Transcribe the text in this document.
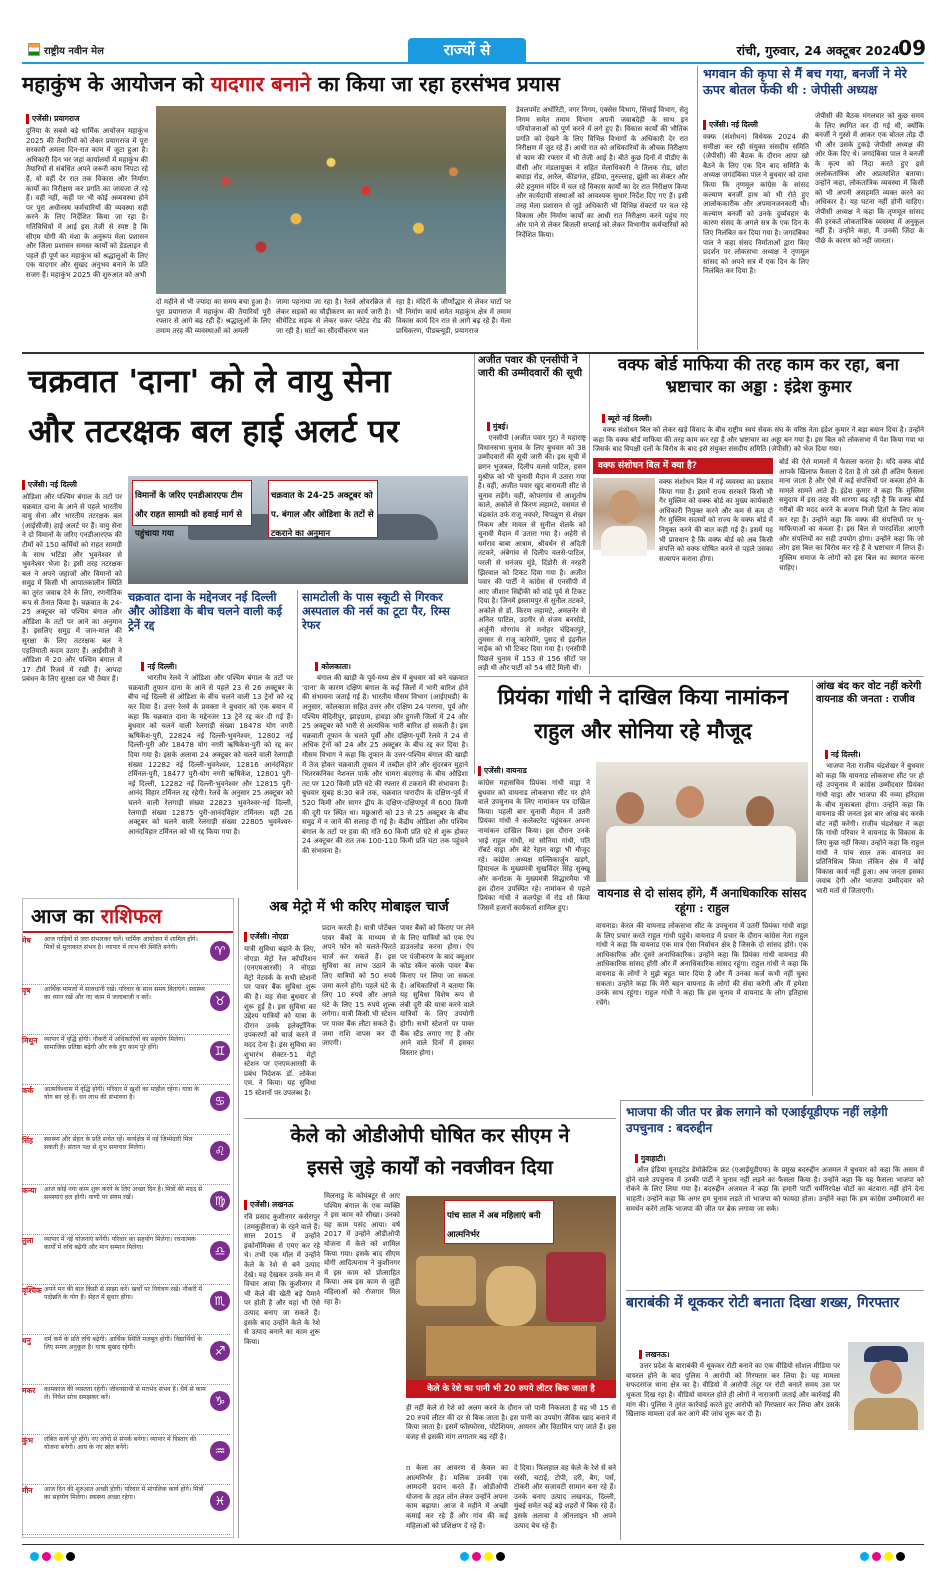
राष्ट्रीय नवीन मेल	राज्यों से	रांची, गुरुवार, 24 अक्टूबर 2024
09
महाकुंभ के आयोजन को यादगार बनाने का किया जा रहा हरसंभव प्रयास
एजेंसी। प्रयागराज
दुनिया के सबसे बड़े धार्मिक आयोजन महाकुंभ 2025 की तैयारियों को लेकर प्रयागराज में पूरा सरकारी अमला दिन-रात काम में जुटा हुआ है। अधिकारी दिन भर जहां कार्यालयों में महाकुंभ की तैयारियों से संबंधित अपने जरूरी काम निपटा रहे हैं, वो वहीं देर रात तक विकास और निर्माण कार्यों का निरीक्षण कर प्रगति का जायजा ले रहे हैं। वहीं नहीं, कहीं पर भी कोई अव्यवस्था होने पर पूरा अधीनस्थ कर्मचारियों की व्यवस्था सही करने के लिए निर्देशित किया जा रहा है। गतिविधियों में आई इस तेजी से स्पष्ट है कि सीएम योगी की मंशा के अनुरूप मेला प्रशासन और जिला प्रशासन समस्त कार्यों को डेडलाइन से पहले ही पूर्ण कर महाकुंभ को श्रद्धालुओं के लिए एक यादगार और सुखद अनुभव बनाने के प्रति सजग हैं। महाकुंभ 2025 की शुरुआत को अभी
दो महीने से भी ज्यादा का समय बचा हुआ है। पूरा प्रयागराज में महाकुंभ की तैयारियों पूरी रफ्तार से आगे बढ़ रही हैं। श्रद्धालुओं के लिए तमाम तरह की व्यवस्थाओं को अमली
जामा पहनाया जा रहा है। रेलवे ओवरब्रिज से लेकर सड़कों का चौड़ीकरण का कार्य जारी है। सीमेंटिड सड़क से लेकर चकर प्लेटेड रोड की जा रही है। घाटों का सौंदर्यीकरण चल
रहा है। मंदिरों के जीर्णोद्धार से लेकर घाटों पर भी निर्माण कार्य समेत महाकुंभ क्षेत्र में तमाम विकास कार्य दिन रात से आगे बढ़ रहे हैं। मेला प्राधिकरण, पीडब्ल्यूडी, प्रयागराज
डेवलपमेंट अथॉरिटी, नगर निगम, एक्सेस विभाग, सिंचाई विभाग, सेतु निगम समेत तमाम विभाग अपनी जवाबदेही के साथ इन परियोजनाओं को पूर्ण करने में लगे हुए हैं। विकास कार्यों की भौतिक प्रगति को देखने के लिए विभिन्न विभागों के अधिकारी देर रात निरीक्षण में जुट रहे हैं। आधी रात को अधिकारियों के औचक निरीक्षण से काम की रफ्तार में भी तेजी आई है। बीते कुछ दिनों में पीडीए के वीसी और मंडलायुक्त ने सहित मेलाधिकारी ने तिलक रोड, छोटा बघाड़ा रोड, आरेल, कीडगंज, हंडिया, नुरुल्लाह, झूंसी का सेक्टर और लेटे हनुमान मंदिर में चल रहे विकास कार्यों का देर रात निरीक्षण किया और कार्यदायी संस्थाओं को आवश्यक सुधार निर्देश दिए गए हैं। इसी तरह मेला प्रशासन से जुड़े अधिकारी भी विभिन्न सेक्टरों पर चल रहे विकास और निर्माण कार्यों का आधी रात निरीक्षण करने पहुंच गए और पाने से लेकर बिजली सप्लाई को लेकर विभागीय कर्मचारियों को निर्देशित किया।
भगवान की कृपा से मैं बच गया, बनर्जी ने मेरे ऊपर बोतल फेंकी थी : जेपीसी अध्यक्ष
एजेंसी। नई दिल्ली
वक्फ (संशोधन) विधेयक 2024 की समीक्षा कर रही संयुक्त संसदीय समिति (जेपीसी) की बैठक के दौरान आपा खो बैठने के लिए एक दिन बाद समिति के अध्यक्ष जगदंबिका पाल ने बुधवार को दावा किया कि तृणमूल कांग्रेस के सांसद कल्याण बनर्जी हाथ को भी रोते हुए आलोककारीक और अपमानजनकारी थी। कल्याण बनर्जी को उनके दुर्व्यवहार के कारण संसद के अगले सत्र के एक दिन के लिए निलंबित कर दिया गया है। जगदंबिका पाल ने कहा संसद निर्माताओं द्वारा किए प्रदर्शन पर लोकसभा अध्यक्ष ने तृणमूल सांसद को अपने सत्र में एक दिन के लिए निलंबित कर दिया है।
जेपीसी की बैठक मंगलवार को कुछ समय के लिए स्थगित कर दी गई थी, क्योंकि बनर्जी ने गुस्से में आकर एक बोतल तोड़ दी थी और उसके टुकड़े जेपीसी अध्यक्ष की ओर फेंक दिए थे। जगदंबिका पाल ने बनर्जी के कृत्य को निंदा करते हुए इसे अलोकतांत्रिक और अप्रत्याशित बताया। उन्होंने कहा, लोकतांत्रिक व्यवस्था में किसी को भी अपनी असहमति व्यक्त करने का अधिकार है। यह घटना नहीं होनी चाहिए। जेपीसी अध्यक्ष ने कहा कि तृणमूल सांसद की हरकतें लोकतांत्रिक व्यवस्था में अनुकूल नहीं हैं। उन्होंने कहा, मैं उनकी जिंदा के पीछे के कारण को नहीं जानता।
चक्रवात 'दाना' को ले वायु सेना
और तटरक्षक बल हाई अलर्ट पर
एजेंसी। नई दिल्ली
ओडिशा और पश्चिम बंगाल के तटों पर चक्रवात दाना के आने से पहले भारतीय वायु सेना और भारतीय तटरक्षक बल (आईसीजी) हाई अलर्ट पर हैं। वायु सेना ने दो विमानों के जरिए एनडीआरएफ की टीमों को 150 कर्मियों को राहत सामग्री के साथ भटिंडा और भुवनेश्वर से भुवनेश्वर भेजा है। इसी तरह तटरक्षक बल ने अपने जहाजों और विमानों को समुद्र में किसी भी आपातकालीन स्थिति का तुरंत जवाब देने के लिए, रणनीतिक रूप से तैनात किया है। चक्रवात के 24-25 अक्टूबर को पश्चिम बंगाल और ओडिशा के तटों पर आने का अनुमान है। इसलिए समुद्र में जान-माल की सुरक्षा के लिए तटरक्षक बल ने एहतियाती कदम उठाए हैं। आईसीजी ने ओडिशा में 20 और पश्चिम बंगाल में 17 टीमें रिजर्व में रखी हैं। आपदा प्रबंधन के लिए सुरक्षा दल भी तैयार हैं।
विमानों के जरिए एनडीआरएफ टीम और राहत सामग्री को हवाई मार्ग से पहुंचाया गया
चक्रवात के 24-25 अक्टूबर को प. बंगाल और ओडिशा के तटों से टकराने का अनुमान
चक्रवात दाना के मद्देनजर नई दिल्ली और ओडिशा के बीच चलने वाली कई ट्रेनें रद्द

नई दिल्ली।
भारतीय रेलवे ने ओडिशा और पश्चिम बंगाल के तटों पर चक्रवाती तूफान दाना के आने से पहले 23 से 26 अक्टूबर के बीच नई दिल्ली से ओडिशा के बीच चलने वाली 13 ट्रेनों को रद्द कर दिया है। उत्तर रेलवे के प्रवक्ता ने बुधवार को एक बयान में कहा कि चक्रवात दाना के मद्देनजर 13 ट्रेनें रद्द कर दी गई हैं। बुधवार को चलने वाली रेलगाड़ी संख्या 18478 योग नगरी ऋषिकेश-पुरी, 22824 नई दिल्ली-भुवनेश्वर, 12802 नई दिल्ली-पुरी और 18478 योग नगरी ऋषिकेश-पुरी को रद्द कर दिया गया है। इसके अलावा 24 अक्टूबर को चलने वाली रेलगाड़ी संख्या 12282 नई दिल्ली-भुवनेश्वर, 12816 आनंदविहार टर्मिनल-पुरी, 18477 पुरी-योग नगरी ऋषिकेश, 12801 पुरी-नई दिल्ली, 12282 नई दिल्ली-भुवनेश्वर और 12815 पुरी-आनंद विहार टर्मिनल रद्द रहेगी। रेलवे के अनुसार 25 अक्टूबर को चलने वाली रेलगाड़ी संख्या 22823 भुवनेश्वर-नई दिल्ली, रेलगाड़ी संख्या 12875 पुरी-आनंदविहार टर्मिनल। वहीं 26 अक्टूबर को चलने वाली रेलगाड़ी संख्या 22805 भुवनेश्वर-आनंदविहार टर्मिनल को भी रद्द किया गया है।

सामटोली के पास स्कूटी से गिरकर अस्पताल की नर्स का टूटा पैर, रिम्स रेफर

कोलकाता।
बंगाल की खाड़ी के पूर्व-मध्य क्षेत्र में बुधवार को बने चक्रवात 'दाना' के कारण दक्षिण बंगाल के कई जिलों में भारी बारिश होने की संभावना जताई गई है। भारतीय मौसम विभाग (आईएमडी) के अनुसार, कोलकाता सहित उत्तर और दक्षिण 24 परगना, पूर्व और पश्चिम मेदिनीपुर, झाड़ग्राम, हावड़ा और हुगली जिलों में 24 और 25 अक्टूबर को भारी से अत्यधिक भारी बारिश हो सकती है। इस चक्रवाती तूफान के चलते पूर्वी और दक्षिण-पूर्वी रेलवे ने 24 से अधिक ट्रेनों को 24 और 25 अक्टूबर के बीच रद्द कर दिया है। मौसम विभाग ने कहा कि तूफान के उत्तर-पश्चिम बंगाल की खाड़ी में तेज होकर चक्रवाती तूफान में तब्दील होने और सुंदरबन मुहाने भितरकनिका नेशनल पार्क और धामरा बंदरगाह के बीच ओडिशा तट पर 120 किमी प्रति घंटे की रफ्तार से टकराने की संभावना है। बुधवार सुबह 8:30 बजे तक, चक्रवात पारादीप के दक्षिण-पूर्व में 520 किमी और सागर द्वीप के दक्षिण-दक्षिणपूर्व में 600 किमी की दूरी पर स्थित था। मछुआरों को 23 से 25 अक्टूबर के बीच समुद्र में न जाने की सलाह दी गई है। केंद्रीय ओडिशा और पश्चिम बंगाल के तटों पर हवा की गति 60 किमी प्रति घंटे से शुरू होकर 24 अक्टूबर की रात तक 100-110 किमी प्रति घंटा तक पहुंचने की संभावना है।

अजीत पवार की एनसीपी ने जारी की उम्मीदवारों की सूची

मुंबई।
एनसीपी (अजीत पवार गुट) ने महाराष्ट्र विधानसभा चुनाव के लिए बुधवार को 38 उम्मीदवारों की सूची जारी की। इस सूची में छगन भुजबल, दिलीप वलसे पाटिल, हसन मुश्रीफ को भी चुनावी मैदान में उतारा गया है। वहीं, अजीत पवार खुद बारामती सीट से चुनाव लड़ेंगे। वहीं, कोपरगांव से आशुतोष काले, अकोले से किरण लहामटे, वसमत से चंद्रकांत उर्फ राजू नवघरे, चिपळूण से शेखर निकम और मावल से सुनील शेलके को चुनावी मैदान में उतारा गया है। अहेरी से धर्मराव बाबा आत्राम, श्रीवर्धन से अदिती तटकरे, अंबेगांव से दिलीप वलसे-पाटिल, परली से धनंजय मुंडे, दिंडोरी से नरहरी झिरवाल को टिकट दिया गया है। अजीत पवार की पार्टी ने कांग्रेस से एनसीपी में आए जीशान सिद्दीकी को वांद्रे पूर्व से टिकट दिया है। जिनमें इस्लामपुर से सुनील तटकरे, अकोले से डॉ. किरण लहामटे, अमलनेर से अनिल पाटिल, उदगीर से संजय बनसोडे, अर्जुनी मोरगांव से मनोहर चंद्रिकापुरे, तुमसर से राजू कारेमोरे, पुसद से इंद्रनील नाईक को भी टिकट दिया गया है। एनसीपी पिछले चुनाव में 153 से 156 सीटों पर लड़ी थी और पार्टी को 54 सीटें मिली थीं।

वक्फ बोर्ड माफिया की तरह काम कर रहा, बना भ्रष्टाचार का अड्डा : इंद्रेश कुमार

ब्यूरो नई दिल्ली।
वक्फ संशोधन बिल को लेकर खड़े विवाद के बीच राष्ट्रीय स्वयं सेवक संघ के वरिष्ठ नेता इंद्रेश कुमार ने बड़ा बयान दिया है। उन्होंने कहा कि वक्फ बोर्ड माफिया की तरह काम कर रहा है और भ्रष्टाचार का अड्डा बन गया है। इस बिल को लोकसभा में पेश किया गया था जिसके बाद विपक्षी दलों के विरोध के बाद इसे संयुक्त संसदीय समिति (जेपीसी) को भेज दिया गया।

वक्फ संशोधन बिल में क्या है?
वक्फ संशोधन बिल में नई व्यवस्था का प्रस्ताव किया गया है। इसमें राज्य सरकारें किसी भी गैर मुस्लिम को वक्फ बोर्ड का मुख्य कार्यकारी अधिकारी नियुक्त करने और कम से कम दो गैर मुस्लिम सदस्यों को राज्य के वक्फ बोर्ड में नियुक्त करने की बात कही गई है। इसमें यह भी प्रावधान है कि वक्फ बोर्ड को अब किसी संपत्ति को वक्फ घोषित करने से पहले उसका सत्यापन कराना होगा।
बोर्ड की ऐसे मामलों में फैसला करता है। यदि वक्फ बोर्ड आपके खिलाफ फैसला दे देता है तो उसे ही अंतिम फैसला माना जाता है और ऐसे में कई संपत्तियों पर कब्जा होने के मामले सामने आते हैं। इंद्रेश कुमार ने कहा कि मुस्लिम समुदाय में इस तरह की धारणा बढ़ रही है कि वक्फ बोर्ड गरीबों की मदद करने के बजाय निजी हितों के लिए काम कर रहा है। उन्होंने कहा कि वक्फ की संपत्तियों पर भू-माफियाओं का कब्जा है। इस बिल से पारदर्शिता आएगी और संपत्तियों का सही उपयोग होगा। उन्होंने कहा कि जो लोग इस बिल का विरोध कर रहे हैं वे भ्रष्टाचार में लिप्त हैं। मुस्लिम समाज के लोगों को इस बिल का स्वागत करना चाहिए।
प्रियंका गांधी ने दाखिल किया नामांकन
राहुल और सोनिया रहे मौजूद
एजेंसी। वायनाड
कांग्रेस महासचिव प्रियंका गांधी वाड्रा ने बुधवार को वायनाड लोकसभा सीट पर होने वाले उपचुनाव के लिए नामांकन पत्र दाखिल किया। पहली बार चुनावी मैदान में उतरी प्रियंका गांधी ने कलेक्टरेट पहुंचकर अपना नामांकन दाखिल किया। इस दौरान उनके भाई राहुल गांधी, मां सोनिया गांधी, पति रॉबर्ट वाड्रा और बेटे रेहान वाड्रा भी मौजूद रहे। कांग्रेस अध्यक्ष मल्लिकार्जुन खड़गे, हिमाचल के मुख्यमंत्री सुखविंदर सिंह सुक्खू और कर्नाटक के मुख्यमंत्री सिद्धारमैया भी इस दौरान उपस्थित रहे। नामांकन से पहले प्रियंका गांधी ने कलपेट्टा में रोड शो किया जिसमें हजारों कार्यकर्ता शामिल हुए।
वायनाड से दो सांसद होंगे, मैं अनाधिकारिक सांसद रहूंगा : राहुल
वायनाड। केरल की वायनाड लोकसभा सीट के उपचुनाव में उतरीं प्रियंका गांधी वाड्रा के लिए प्रचार करते राहुल गांधी पहुंचे। वायनाड में प्रचार के दौरान कांग्रेस नेता राहुल गांधी ने कहा कि वायनाड एक मात्र ऐसा निर्वाचन क्षेत्र है जिसके दो सांसद होंगे। एक आधिकारिक और दूसरे अनाधिकारिक। उन्होंने कहा कि प्रियंका गांधी वायनाड की आधिकारिक सांसद होंगी और मैं अनाधिकारिक सांसद रहूंगा। राहुल गांधी ने कहा कि वायनाड के लोगों ने मुझे बहुत प्यार दिया है और मैं उनका कर्ज कभी नहीं चुका सकता। उन्होंने कहा कि मेरी बहन वायनाड के लोगों की सेवा करेगी और मैं हमेशा उनके साथ रहूंगा। राहुल गांधी ने कहा कि इस चुनाव में वायनाड के लोग इतिहास रचेंगे।
आंख बंद कर वोट नहीं करेगी वायनाड की जनता : राजीव

नई दिल्ली।
भाजपा नेता राजीव चंद्रशेखर ने बुधवार को कहा कि वायनाड लोकसभा सीट पर हो रहे उपचुनाव में कांग्रेस उम्मीदवार प्रियंका गांधी वाड्रा और भाजपा की नव्या हरिदास के बीच मुकाबला होगा। उन्होंने कहा कि वायनाड की जनता इस बार आंख बंद करके वोट नहीं करेगी। राजीव चंद्रशेखर ने कहा कि गांधी परिवार ने वायनाड के विकास के लिए कुछ नहीं किया। उन्होंने कहा कि राहुल गांधी ने पांच साल तक वायनाड का प्रतिनिधित्व किया लेकिन क्षेत्र में कोई विकास कार्य नहीं हुआ। अब जनता इसका जवाब देगी और भाजपा उम्मीदवार को भारी मतों से जिताएगी।

आज का राशिफल
मेष आज गाड़ियों से जरा संभलकर चलें। धार्मिक आयोजन में शामिल होंगे। मित्रों से मुलाकात संभव है। व्यापार में लाभ की स्थिति बनेगी।	♈
वृष आर्थिक मामलों में सावधानी रखें। परिवार के साथ समय बिताएंगे। स्वास्थ्य का ध्यान रखें और नए काम में जल्दबाजी न करें।	♉
मिथुन व्यापार में वृद्धि होगी। नौकरी में अधिकारियों का सहयोग मिलेगा। सामाजिक प्रतिष्ठा बढ़ेगी और रुके हुए काम पूरे होंगे।	♊
कर्क आत्मविश्वास में वृद्धि होगी। परिवार में खुशी का माहौल रहेगा। यात्रा के योग बन रहे हैं। धन लाभ की संभावना है।	♋
सिंह स्वास्थ्य और सेहत के प्रति सचेत रहें। कार्यक्षेत्र में नई जिम्मेदारी मिल सकती है। संतान पक्ष से शुभ समाचार मिलेगा।	♌
कन्या आज कोई नया काम शुरू करने के लिए अच्छा दिन है। मित्रों की मदद से समस्याएं हल होंगी। वाणी पर संयम रखें।	♍
तुला व्यापार में नई योजनाएं बनेंगी। परिवार का सहयोग मिलेगा। रचनात्मक कार्यों में रुचि बढ़ेगी और मान सम्मान मिलेगा।	♎
वृश्चिक अपने मन की बात किसी से साझा करें। खर्चों पर नियंत्रण रखें। नौकरी में पदोन्नति के योग हैं। सेहत में सुधार होगा।	♏
धनु धर्म कर्म के प्रति रुचि बढ़ेगी। आर्थिक स्थिति मजबूत होगी। विद्यार्थियों के लिए समय अनुकूल है। यात्रा सुखद रहेगी।	♐
मकर कामकाज की व्यस्तता रहेगी। जीवनसाथी से मतभेद संभव है। धैर्य से काम लें। निवेश सोच समझकर करें।	♑
कुंभ लंबित कार्य पूरे होंगे। नए लोगों से संपर्क बनेगा। व्यापार में विस्तार की योजना बनेगी। आय के नए स्रोत बनेंगे।	♒
मीन आज दिन की शुरुआत अच्छी होगी। परिवार में मांगलिक कार्य होंगे। मित्रों का सहयोग मिलेगा। स्वास्थ्य अच्छा रहेगा।	♓
अब मेट्रो में भी करिए मोबाइल चार्ज
एजेंसी। नोएडा
यात्री सुविधा बढ़ाने के लिए, नोएडा मेट्रो रेल कॉर्पोरेशन (एनएमआरसी) ने नोएडा मेट्रो नेटवर्क के सभी स्टेशनों पर पावर बैंक सुविधा शुरू की है। यह सेवा बुधवार से शुरू हुई है। इस सुविधा का उद्देश्य यात्रियों को यात्रा के दौरान उनके इलेक्ट्रॉनिक उपकरणों को चार्ज करने में मदद देना है। इस सुविधा का शुभारंभ सेक्टर-51 मेट्रो स्टेशन पर एनएमआरसी के प्रबंध निदेशक डॉ. लोकेश एम. ने किया। यह सुविधा 15 स्टेशनों पर उपलब्ध है।
प्रदान करती है। यात्री पोर्टेबल पावर बैंकों के माध्यम से अपने फोन को चलते-फिरते चार्ज कर सकते हैं। इस सुविधा का लाभ उठाने के लिए यात्रियों को 50 रुपये जमा करने होंगे। पहले घंटे के लिए 10 रुपये और अगले घंटे के लिए 15 रुपये शुल्क लगेगा। यात्री किसी भी स्टेशन पर पावर बैंक लौटा सकते हैं। जमा राशि वापस कर दी जाएगी।
पावर बैंकों को किराए पर लेने के लिए यात्रियों को एक ऐप डाउनलोड करना होगा। ऐप पर पंजीकरण के बाद क्यूआर कोड स्कैन करके पावर बैंक किराए पर लिया जा सकता है। अधिकारियों ने बताया कि यह सुविधा विशेष रूप से लंबी दूरी की यात्रा करने वाले यात्रियों के लिए उपयोगी होगी। सभी स्टेशनों पर पावर बैंक स्टैंड लगाए गए हैं और आने वाले दिनों में इसका विस्तार होगा।
केले को ओडीओपी घोषित कर सीएम ने
इससे जुड़े कार्यों को नवजीवन दिया
एजेंसी। लखनऊ
रवि प्रसाद कुशीनगर कसेरापुर (तमकुहीराज) के रहने वाले हैं। साल 2015 में उन्होंने इकोनॉमिक्स से एमए कर रहे थे। तभी एक मॉल में उन्होंने केले के रेशे से बने उत्पाद देखे। यह देखकर उनके मन में विचार आया कि कुशीनगर में भी केले की खेती बड़े पैमाने पर होती है और यहां भी ऐसे उत्पाद बनाए जा सकते हैं। इसके बाद उन्होंने केले के रेशे से उत्पाद बनाने का काम शुरू किया।
मिलनाडु के कोयंबटूर से आए पश्चिम बंगाल के एक व्यक्ति ने इस काम को सीखा। उनको यह काम पसंद आया। वर्ष 2017 में उन्होंने ओडीओपी योजना में केले को शामिल किया गया। इसके बाद सीएम योगी आदित्यनाथ ने कुशीनगर में इस काम को प्रोत्साहित किया। अब इस काम से जुड़ी महिलाओं को रोजगार मिल रहा है।
पांच साल में अब महिलाएं बनी आत्मनिर्भर
केले के रेशे का पानी भी 20 रुपये लीटर बिक जाता है
ही नहीं केले से रेशे को अलग करने के दौरान जो पानी निकलता है वह भी 15 से 20 रुपये लीटर की दर से बिक जाता है। इस पानी का उपयोग जैविक खाद बनाने में किया जाता है। इसमें फॉस्फोरस, पोटेशियम, आयरन और विटामिन पाए जाते हैं। इस वजह से इसकी मांग लगातार बढ़ रही है।
n केला का आवरण से केवल का आत्मनिर्भर है। मलिक उनकी एक आमदनी प्रदान करते हैं। ओडीओपी योजना के तहत लोन लेकर उन्होंने अपना काम बढ़ाया। आज वे महीने में अच्छी कमाई कर रहे हैं और गांव की कई महिलाओं को प्रशिक्षण दे रहे हैं।
दे दिया। फिलहाल वह केले के रेशे से बने रस्सी, चटाई, टोपी, दरी, बैग, पर्स, टोकरी और सजावटी सामान बना रहे हैं। उनके बनाए उत्पाद लखनऊ, दिल्ली, मुंबई समेत कई बड़े शहरों में बिक रहे हैं। इसके अलावा वे ऑनलाइन भी अपने उत्पाद बेच रहे हैं।
भाजपा की जीत पर ब्रेक लगाने को एआईयूडीएफ नहीं लड़ेगी उपचुनाव : बदरुद्दीन

गुवाहाटी।
ऑल इंडिया यूनाइटेड डेमोक्रेटिक फ्रंट (एआईयूडीएफ) के प्रमुख बदरुद्दीन अजमल ने बुधवार को कहा कि असम में होने वाले उपचुनाव में उनकी पार्टी ने चुनाव नहीं लड़ने का फैसला किया है। उन्होंने कहा कि यह फैसला भाजपा को रोकने के लिए लिया गया है। बदरुद्दीन अजमल ने कहा कि हमारी पार्टी धर्मनिरपेक्ष वोटों का बंटवारा नहीं होने देना चाहती। उन्होंने कहा कि अगर हम चुनाव लड़ते तो भाजपा को फायदा होता। उन्होंने कहा कि हम कांग्रेस उम्मीदवारों का समर्थन करेंगे ताकि भाजपा की जीत पर ब्रेक लगाया जा सके।

बाराबंकी में थूककर रोटी बनाता दिखा शख्स, गिरफ्तार

लखनऊ।
उत्तर प्रदेश के बाराबंकी में थूककर रोटी बनाने का एक वीडियो सोशल मीडिया पर वायरल होने के बाद पुलिस ने आरोपी को गिरफ्तार कर लिया है। यह मामला सफदरगंज थाना क्षेत्र का है। वीडियो में आरोपी तंदूर पर रोटी बनाते समय उस पर थूकता दिख रहा है। वीडियो वायरल होते ही लोगों ने नाराजगी जताई और कार्रवाई की मांग की। पुलिस ने तुरंत कार्रवाई करते हुए आरोपी को गिरफ्तार कर लिया और उसके खिलाफ मामला दर्ज कर आगे की जांच शुरू कर दी है।
